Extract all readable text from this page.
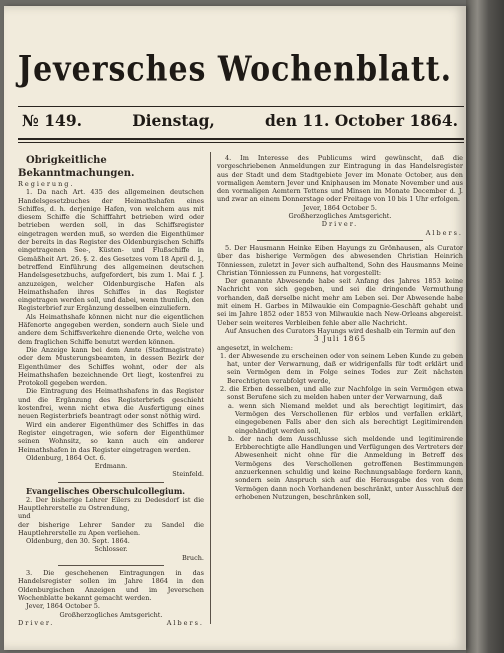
Jeversches Wochenblatt.
№ 149.	Dienstag,	den 11. October 1864.

Obrigkeitliche Bekanntmachungen.

Regierung.

1. Da nach Art. 435 des allgemeinen deutschen Handelsgesetzbuches der Heimathshafen eines Schiffes, d. h. derjenige Hafen, von welchem aus mit diesem Schiffe die Schifffahrt betrieben wird oder betrieben werden soll, in das Schiffsregister eingetragen werden muß, so werden die Eigenthümer der bereits in das Register des Oldenburgischen Schiffs eingetragenen See-, Küsten- und Flußschiffe in Gemäßheit Art. 26. §. 2. des Gesetzes vom 18 April d. J., betreffend Einführung des allgemeinen deutschen Handelsgesetzbuchs, aufgefordert, bis zum 1. Mai f. J. anzuzeigen, welcher Oldenburgische Hafen als Heimathshafen ihres Schiffes in das Register eingetragen werden soll, und dabei, wenn thunlich, den Registerbrief zur Ergänzung desselben einzuliefern.

Als Heimathshafe können nicht nur die eigentlichen Häfenorte angegeben werden, sondern auch Siele und andere dem Schiffsverkehre dienende Orte, welche von dem fraglichen Schiffe benutzt werden können.

Die Anzeige kann bei dem Amte (Stadtmagistrate) oder dem Musterungsbeamten, in dessen Bezirk der Eigenthümer des Schiffes wohnt, oder der als Heimathshafen bezeichnende Ort liegt, kostenfrei zu Protokoll gegeben werden.

Die Eintragung des Heimathshafens in das Register und die Ergänzung des Registerbriefs geschieht kostenfrei, wenn nicht etwa die Ausfertigung eines neuen Registerbriefs beantragt oder sonst nöthig wird.

Wird ein anderer Eigenthümer des Schiffes in das Register eingetragen, wie sofern der Eigenthümer seinen Wohnsitz, so kann auch ein anderer Heimathshafen in das Register eingetragen werden.

Oldenburg, 1864 Oct. 6.

Erdmann.

Steinfeld.

Evangelisches Oberschulcollegium.

2. Der bisherige Lehrer Eilers zu Dedesdorf ist die Hauptlehrerstelle zu Ostrendung,

und

der bisherige Lehrer Sander zu Sandel die Hauptlehrerstelle zu Apen verliehen.

Oldenburg, den 30. Sept. 1864.

Schlosser.

Bruch.

3. Die geschehenen Eintragungen in das Handelsregister sollen im Jahre 1864 in den Oldenburgischen Anzeigen und im Jeverschen Wochenblatte bekannt gemacht werden.

Jever, 1864 October 5.

Großherzogliches Amtsgericht.

Driver.	Albers.

4. Im Interesse des Publicums wird gewünscht, daß die vorgeschriebenen Anmeldungen zur Eintragung in das Handelsregister aus der Stadt und dem Stadtgebiete Jever im Monate October, aus den vormaligen Aemtern Jever und Kniphausen im Monate November und aus den vormaligen Aemtern Tettens und Minsen im Monate December d. J. und zwar an einem Donnerstage oder Freitage von 10 bis 1 Uhr erfolgen.

Jever, 1864 October 5.

Großherzogliches Amtsgericht.

Driver.

Albers.

5. Der Hausmann Heinke Eiben Hayungs zu Grönhausen, als Curator über das bisherige Vermögen des abwesenden Christian Heinrich Tönniessen, zuletzt in Jever sich aufhaltend, Sohn des Hausmanns Meine Christian Tönniessen zu Funnens, hat vorgestellt:

Der genannte Abwesende habe seit Anfang des Jahres 1853 keine Nachricht von sich gegeben, und sei die dringende Vermuthung vorhanden, daß derselbe nicht mehr am Leben sei. Der Abwesende habe mit einem H. Garbes in Milwaukie ein Compagnie-Geschäft gehabt und sei im Jahre 1852 oder 1853 von Milwaukie nach New-Orleans abgereist. Ueber sein weiteres Verbleiben fehle aber alle Nachricht.

Auf Ansuchen des Curators Hayungs wird deshalb ein Termin auf den

3 Juli 1865

angesetzt, in welchem:

1. der Abwesende zu erscheinen oder von seinem Leben Kunde zu geben hat, unter der Verwarnung, daß er widrigenfalls für todt erklärt und sein Vermögen dem in Folge seines Todes zur Zeit nächsten Berechtigten verabfolgt werde,

2. die Erben desselben, und alle zur Nachfolge in sein Vermögen etwa sonst Berufene sich zu melden haben unter der Verwarnung, daß

a. wenn sich Niemand meldet und als berechtigt legitimirt, das Vermögen des Verschollenen für erblos und verfallen erklärt, eingegebenen Falls aber den sich als berechtigt Legitimirenden eingehändigt werden soll,

b. der nach dem Ausschlusse sich meldende und legitimirende Erbberechtigte alle Handlungen und Verfügungen des Vertreters der Abwesenheit nicht ohne für die Anmeldung in Betreff des Vermögens des Verschollenen getroffenen Bestimmungen anzuerkennen schuldig und keine Rechnungsablage fordern kann, sondern sein Anspruch sich auf die Herausgabe des von dem Vermögen dann noch Vorhandenen beschränkt, unter Ausschluß der erhobenen Nutzungen, beschränken soll,
